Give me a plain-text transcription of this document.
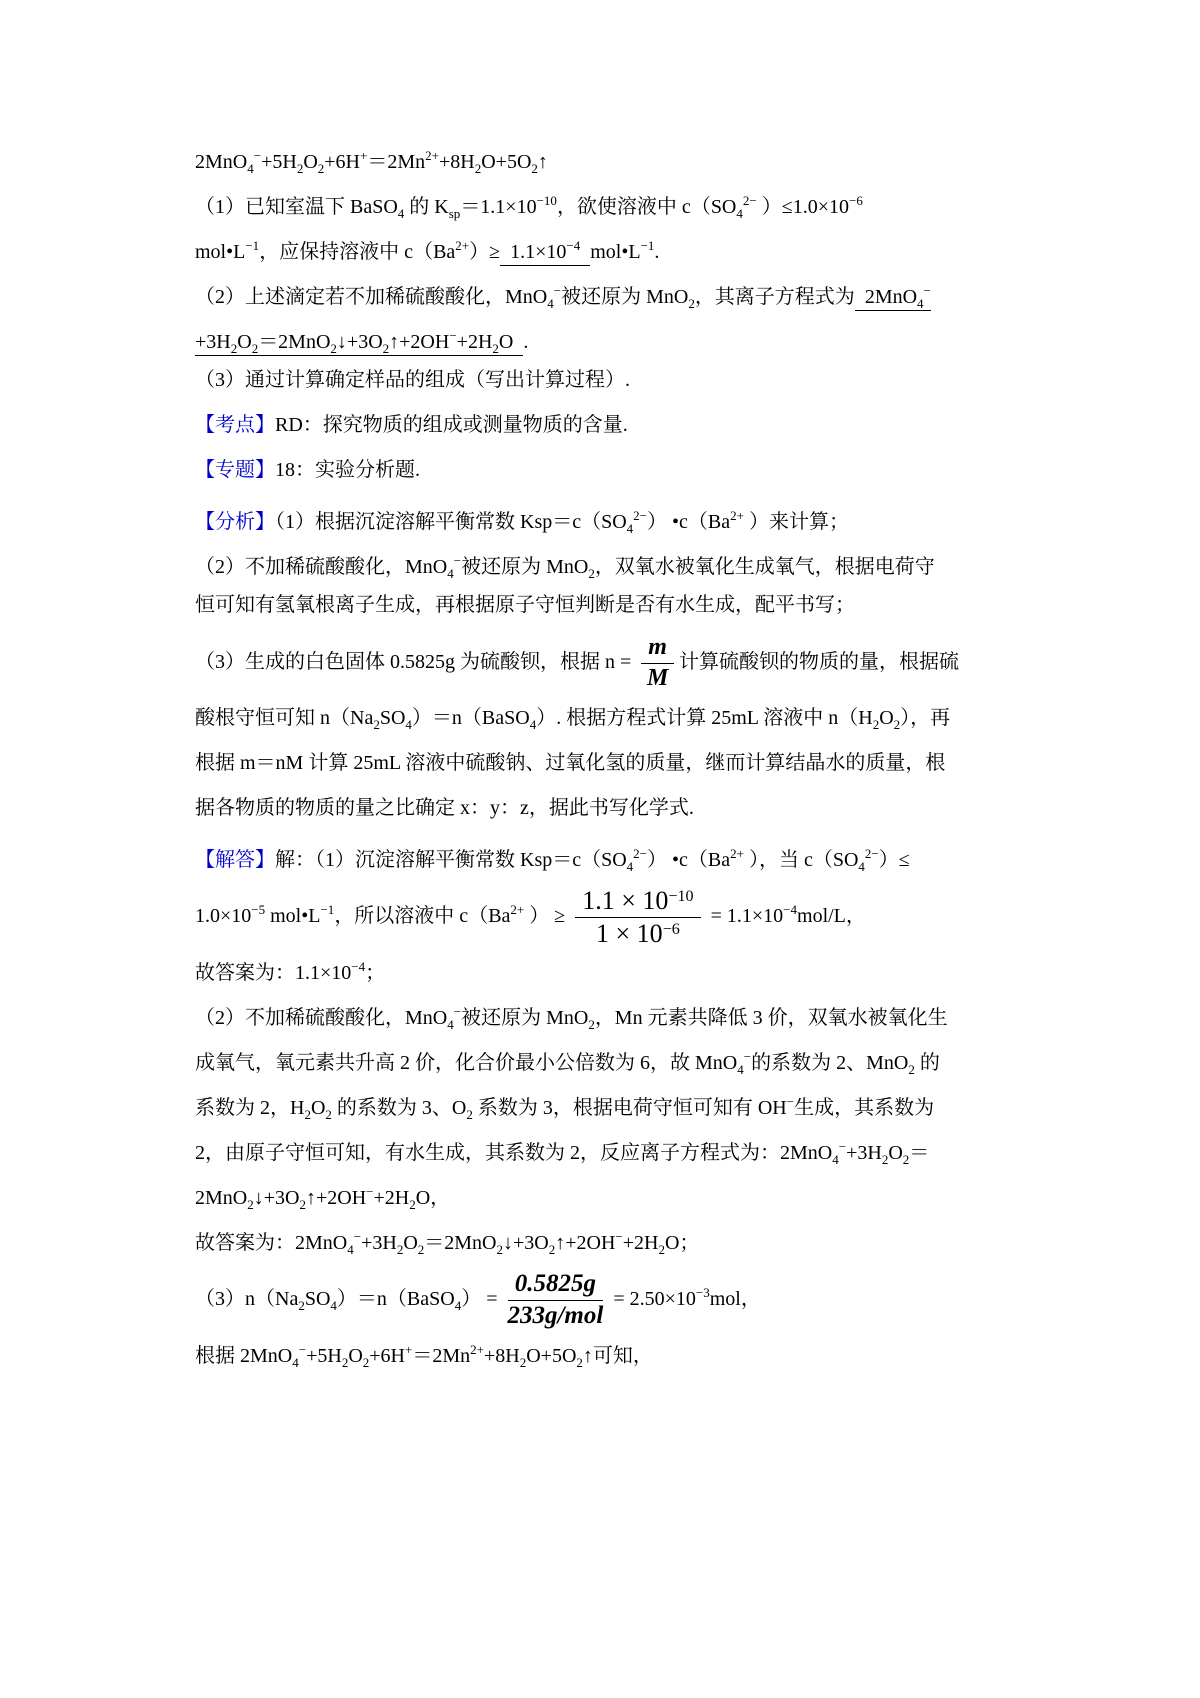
$2MnO_4^-+5H_2O_2+6H^+=2Mn^{2+}+8H_2O+5O_2↑$
（1）已知室温下 BaSO$_4$ 的 $K_{sp}=1.1\times 10^{-10}$，欲使溶液中 $c(SO_4^{2-}$ ）$\le 1.0\times 10^{-6}$
$mol•L^{-1}$，应保持溶液中 $c(Ba^{2+})\ge 1.1\times 10^{-4}$ $mol•L^{-1}$.
（2）上述滴定若不加稀硫酸酸化，MnO$_4$−被还原为 MnO$_2$，其离子方程式为  2MnO$_4$−
$+3H_2O_2=2MnO_2↓+3O_2↑+2OH^-+2H_2O$  .
（3）通过计算确定样品的组成（写出计算过程）.
【考点】RD：探究物质的组成或测量物质的含量.
【专题】18：实验分析题.
【分析】（1）根据沉淀溶解平衡常数 $Ksp=c(SO_4^{2-})$ $•c(Ba^{2+}$ ）来计算；
（2）不加稀硫酸酸化，MnO$_4$−被还原为 MnO$_2$，双氧水被氧化生成氧气，根据电荷守
恒可知有氢氧根离子生成，再根据原子守恒判断是否有水生成，配平书写；
（3）生成的白色固体 0.5825g 为硫酸钡，根据 $n = \frac{m}{M}$ 计算硫酸钡的物质的量，根据硫
酸根守恒可知 $n(Na_2SO_4)=n(BaSO_4)$. 根据方程式计算 25mL 溶液中 $n(H_2O_2)$，再
根据 m＝nM 计算 25mL 溶液中硫酸钠、过氧化氢的质量，继而计算结晶水的质量，根
据各物质的物质的量之比确定 x：y：z，据此书写化学式.
【解答】解：（1）沉淀溶解平衡常数 $Ksp=c(SO_4^{2-})$ $•c(Ba^{2+}$ ），当 $c(SO_4^{2-})\le$
$1.0\times 10^{-5}$ $mol•L^{-1}$，所以溶液中 $c(Ba^{2+}$ ） ≥ $\frac{1.1 \times 10^{-10}}{1 \times 10^{-6}} = 1.1\times 10^{-4}mol/L$，
故答案为：$1.1\times 10^{-4}$；
（2）不加稀硫酸酸化，MnO$_4$−被还原为 MnO$_2$，Mn 元素共降低 3 价，双氧水被氧化生
成氧气，氧元素共升高 2 价，化合价最小公倍数为 6，故 MnO$_4$−的系数为 2、MnO$_2$ 的
系数为 2，$H_2O_2$ 的系数为 3、$O_2$ 系数为 3，根据电荷守恒可知有 OH−生成，其系数为
2，由原子守恒可知，有水生成，其系数为 2，反应离子方程式为：$2MnO_4^-+3H_2O_2=$
$2MnO_2↓+3O_2↑+2OH^-+2H_2O$，
故答案为：$2MnO_4^-+3H_2O_2=2MnO_2↓+3O_2↑+2OH^-+2H_2O$；
$(3)n(Na_2SO_4)=n(BaSO_4) = \frac{0.5825g}{\text{233g/mol}} = 2.50\times 10^{-3}mol$，
根据 $2MnO_4^-+5H_2O_2+6H^+=2Mn^{2+}+8H_2O+5O_2↑$可知，
